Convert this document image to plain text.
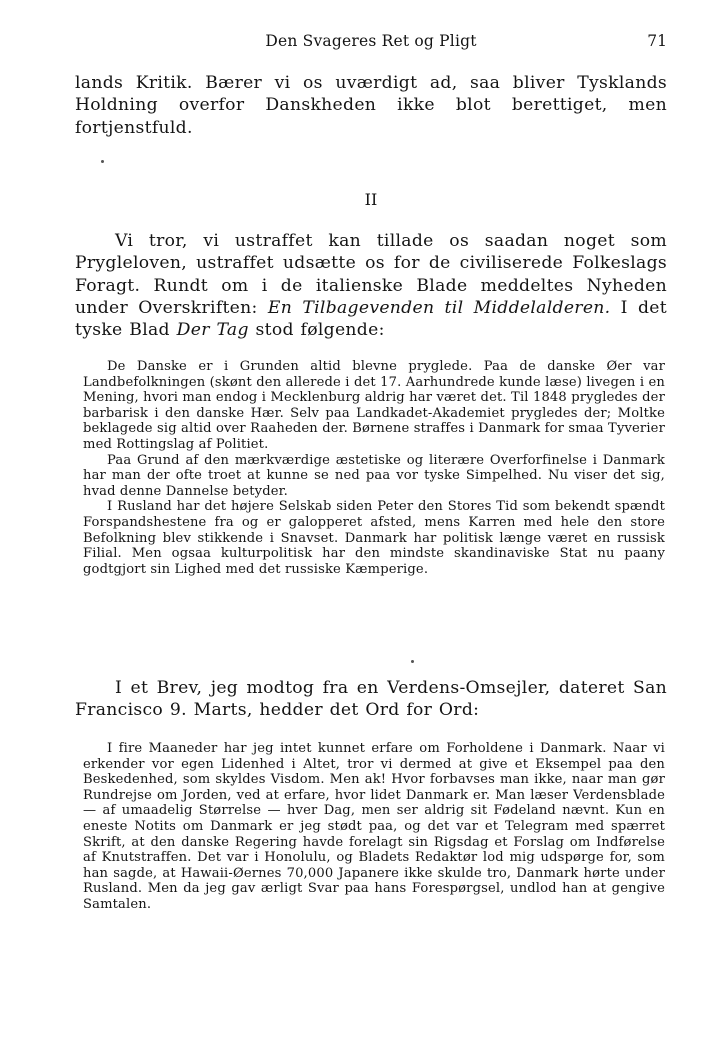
Den Svageres Ret og Pligt	71

lands Kritik. Bærer vi os uværdigt ad, saa bliver Tysklands Holdning overfor Danskheden ikke blot berettiget, men fortjenstfuld.

II

Vi tror, vi ustraffet kan tillade os saadan noget som Prygleloven, ustraffet udsætte os for de civiliserede Folkeslags Foragt. Rundt om i de italienske Blade meddeltes Nyheden under Overskriften: En Tilbagevenden til Middelalderen. I det tyske Blad Der Tag stod følgende:

De Danske er i Grunden altid blevne pryglede. Paa de danske Øer var Landbefolkningen (skønt den allerede i det 17. Aarhundrede kunde læse) livegen i en Mening, hvori man endog i Mecklenburg aldrig har været det. Til 1848 prygledes der barbarisk i den danske Hær. Selv paa Landkadet-Akademiet prygledes der; Moltke beklagede sig altid over Raaheden der. Børnene straffes i Danmark for smaa Tyverier med Rottingslag af Politiet.

Paa Grund af den mærkværdige æstetiske og literære Overforfinelse i Danmark har man der ofte troet at kunne se ned paa vor tyske Simpelhed. Nu viser det sig, hvad denne Dannelse betyder.

I Rusland har det højere Selskab siden Peter den Stores Tid som bekendt spændt Forspandshestene fra og er galopperet afsted, mens Karren med hele den store Befolkning blev stikkende i Snavset. Danmark har politisk længe været en russisk Filial. Men ogsaa kulturpolitisk har den mindste skandinaviske Stat nu paany godtgjort sin Lighed med det russiske Kæmperige.

I et Brev, jeg modtog fra en Verdens-Omsejler, dateret San Francisco 9. Marts, hedder det Ord for Ord:

I fire Maaneder har jeg intet kunnet erfare om Forholdene i Danmark. Naar vi erkender vor egen Lidenhed i Altet, tror vi dermed at give et Eksempel paa den Beskedenhed, som skyldes Visdom. Men ak! Hvor forbavses man ikke, naar man gør Rundrejse om Jorden, ved at erfare, hvor lidet Danmark er. Man læser Verdensblade — af umaadelig Størrelse — hver Dag, men ser aldrig sit Fødeland nævnt. Kun en eneste Notits om Danmark er jeg stødt paa, og det var et Telegram med spærret Skrift, at den danske Regering havde forelagt sin Rigsdag et Forslag om Indførelse af Knutstraffen. Det var i Honolulu, og Bladets Redaktør lod mig udspørge for, som han sagde, at Hawaii-Øernes 70,000 Japanere ikke skulde tro, Danmark hørte under Rusland. Men da jeg gav ærligt Svar paa hans Forespørgsel, undlod han at gengive Samtalen.
